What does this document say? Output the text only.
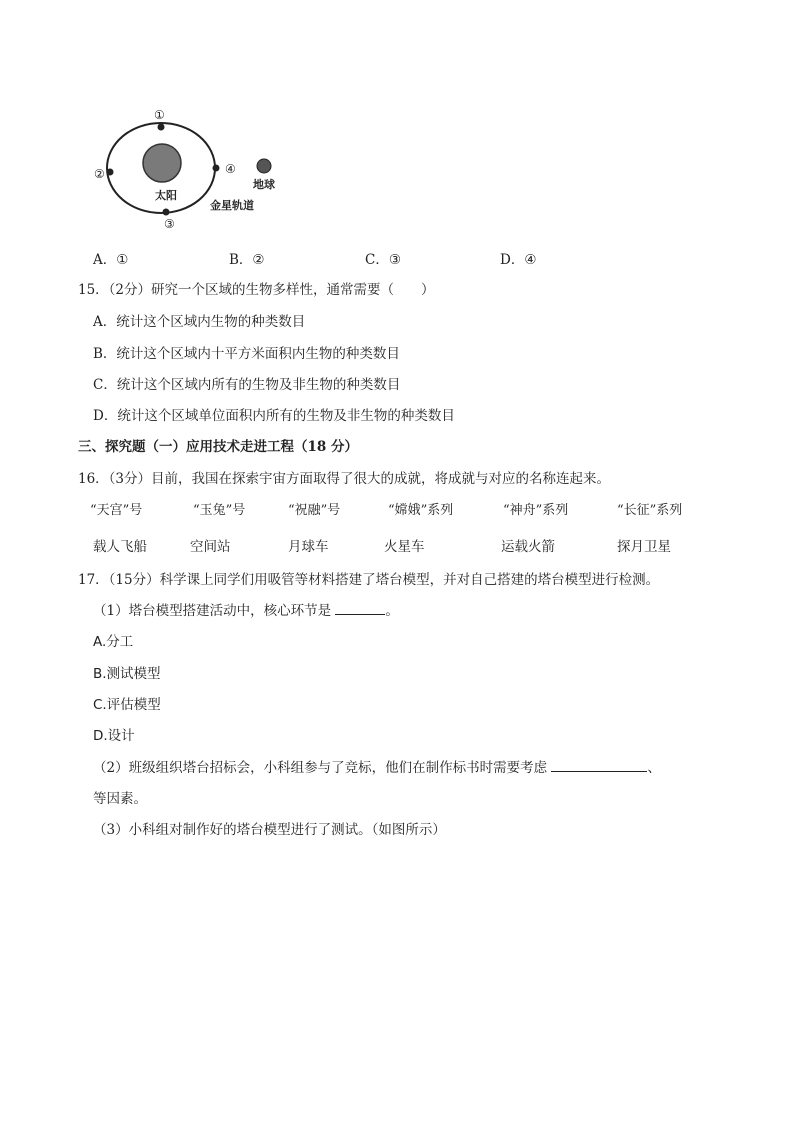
①
②
③
④
太阳
地球
金星轨道
A．①	B．②	C．③	D．④
15．（2分）研究一个区域的生物多样性，通常需要（　　）
A．统计这个区域内生物的种类数目
B．统计这个区域内十平方米面积内生物的种类数目
C．统计这个区域内所有的生物及非生物的种类数目
D．统计这个区域单位面积内所有的生物及非生物的种类数目
三、探究题（一）应用技术走进工程（18 分）
16．（3分）目前，我国在探索宇宙方面取得了很大的成就，将成就与对应的名称连起来。
“天宫”号	“玉兔”号	“祝融”号	“嫦娥”系列	“神舟”系列	“长征”系列
载人飞船	空间站	月球车	火星车	运载火箭	探月卫星
17．（15分）科学课上同学们用吸管等材料搭建了塔台模型，并对自己搭建的塔台模型进行检测。
（1）塔台模型搭建活动中，核心环节是	。
A.分工
B.测试模型
C.评估模型
D.设计
（2）班级组织塔台招标会，小科组参与了竞标，他们在制作标书时需要考虑	、
等因素。
（3）小科组对制作好的塔台模型进行了测试。（如图所示）
